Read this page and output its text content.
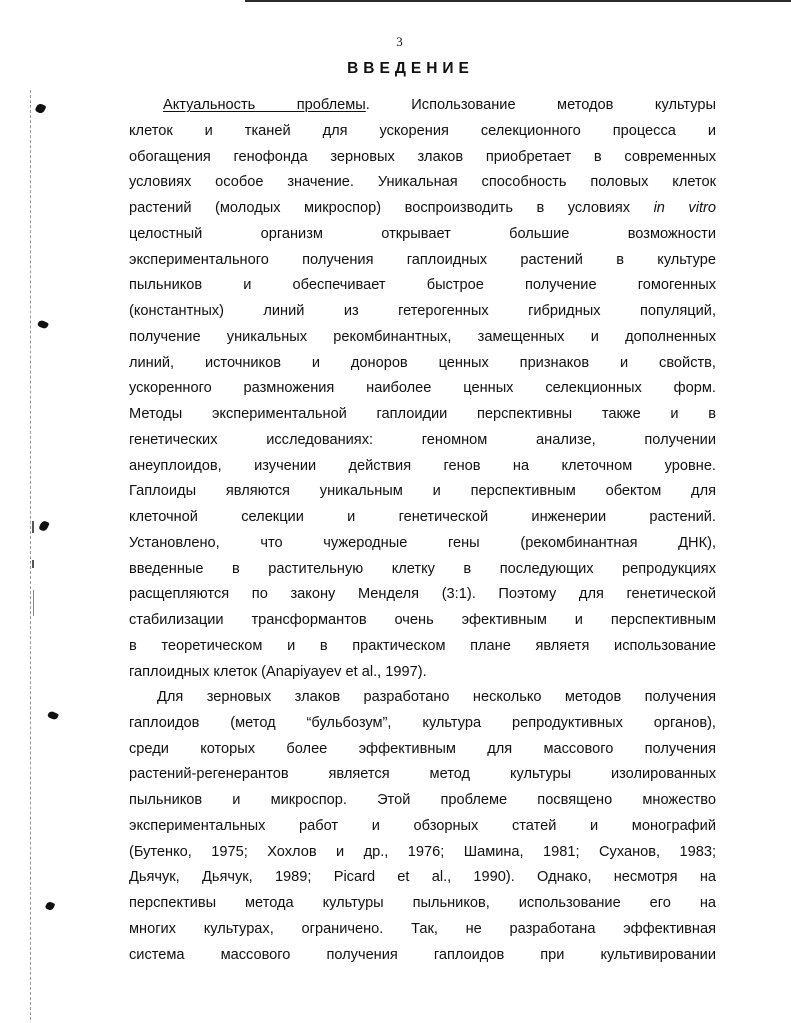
3
ВВЕДЕНИЕ
Актуальность проблемы. Использование методов культуры
клеток и тканей для ускорения селекционного процесса и
обогащения генофонда зерновых злаков приобретает в современных
условиях особое значение. Уникальная способность половых клеток
растений (молодых микроспор) воспроизводить в условиях in vitro
целостный организм открывает большие возможности
экспериментального получения гаплоидных растений в культуре
пыльников и обеспечивает быстрое получение гомогенных
(константных) линий из гетерогенных гибридных популяций,
получение уникальных рекомбинантных, замещенных и дополненных
линий, источников и доноров ценных признаков и свойств,
ускоренного размножения наиболее ценных селекционных форм.
Методы экспериментальной гаплоидии перспективны также и в
генетических исследованиях: геномном анализе, получении
анеуплоидов, изучении действия генов на клеточном уровне.
Гаплоиды являются уникальным и перспективным обектом для
клеточной селекции и генетической инженерии растений.
Установлено, что чужеродные гены (рекомбинантная ДНК),
введенные в растительную клетку в последующих репродукциях
расщепляются по закону Менделя (3:1). Поэтому для генетической
стабилизации трансформантов очень эфективным и перспективным
в теоретическом и в практическом плане являетя использование
гаплоидных клеток (Anapiyayev et al., 1997).
Для зерновых злаков разработано несколько методов получения
гаплоидов (метод “бульбозум”, культура репродуктивных органов),
среди которых более эффективным для массового получения
растений-регенерантов является метод культуры изолированных
пыльников и микроспор. Этой проблеме посвящено множество
экспериментальных работ и обзорных статей и монографий
(Бутенко, 1975; Хохлов и др., 1976; Шамина, 1981; Суханов, 1983;
Дьячук, Дьячук, 1989; Picard et al., 1990). Однако, несмотря на
перспективы метода культуры пыльников, использование его на
многих культурах, ограничено. Так, не разработана эффективная
система массового получения гаплоидов при культивировании
